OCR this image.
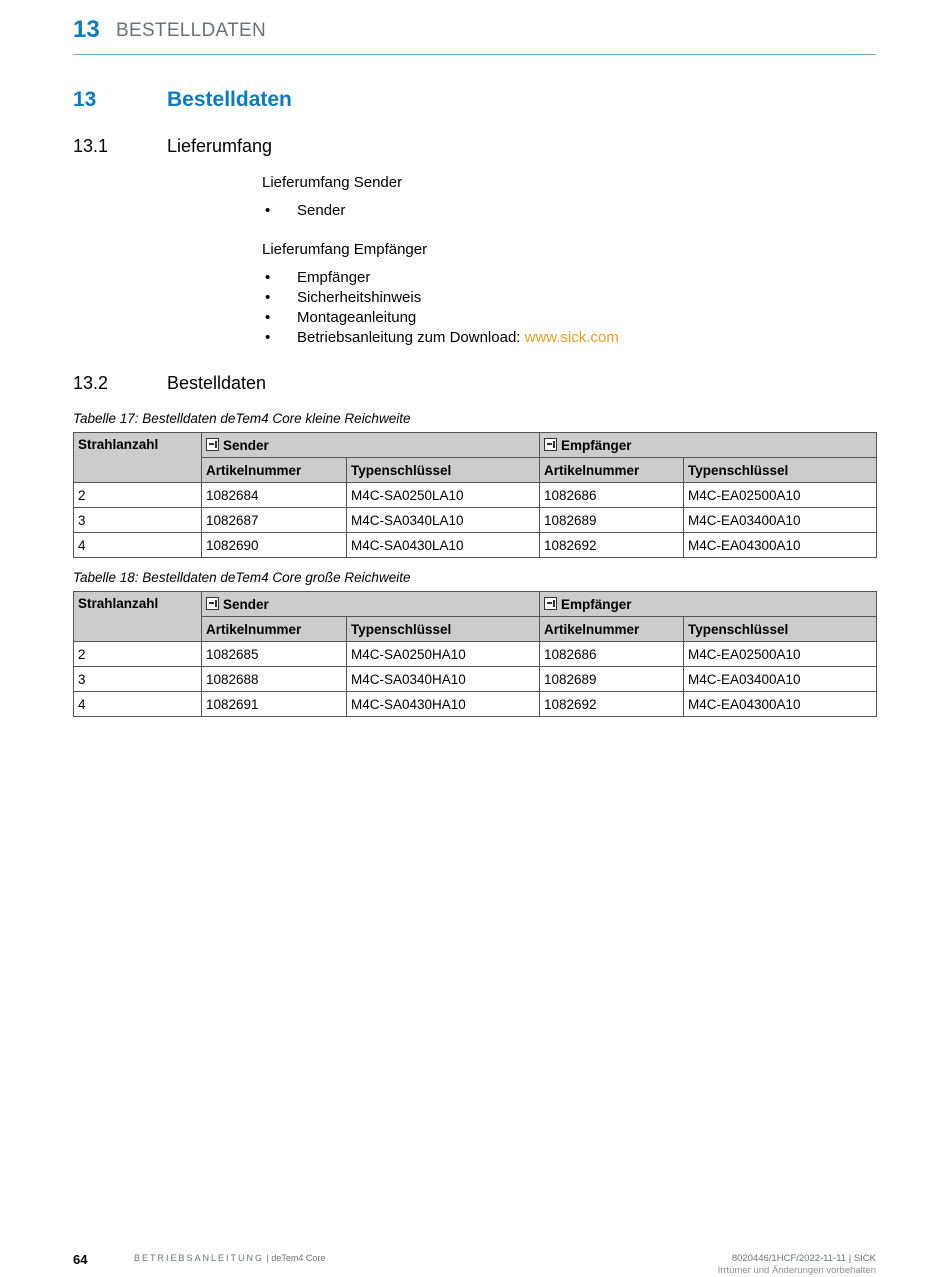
13 BESTELLDATEN
13	Bestelldaten
13.1	Lieferumfang
Lieferumfang Sender
• Sender
Lieferumfang Empfänger
• Empfänger
• Sicherheitshinweis
• Montageanleitung
• Betriebsanleitung zum Download: www.sick.com
13.2	Bestelldaten
Tabelle 17: Bestelldaten deTem4 Core kleine Reichweite
Strahlanzahl	Sender		Empfänger	
	Artikelnummer	Typenschlüssel	Artikelnummer	Typenschlüssel
2	1082684	M4C-SA0250LA10	1082686	M4C-EA02500A10
3	1082687	M4C-SA0340LA10	1082689	M4C-EA03400A10
4	1082690	M4C-SA0430LA10	1082692	M4C-EA04300A10
Tabelle 18: Bestelldaten deTem4 Core große Reichweite
Strahlanzahl	Sender		Empfänger	
	Artikelnummer	Typenschlüssel	Artikelnummer	Typenschlüssel
2	1082685	M4C-SA0250HA10	1082686	M4C-EA02500A10
3	1082688	M4C-SA0340HA10	1082689	M4C-EA03400A10
4	1082691	M4C-SA0430HA10	1082692	M4C-EA04300A10
64	BETRIEBSANLEITUNG | deTem4 Core	8020446/1HCF/2022-11-11 | SICK
Irrtümer und Änderungen vorbehalten
